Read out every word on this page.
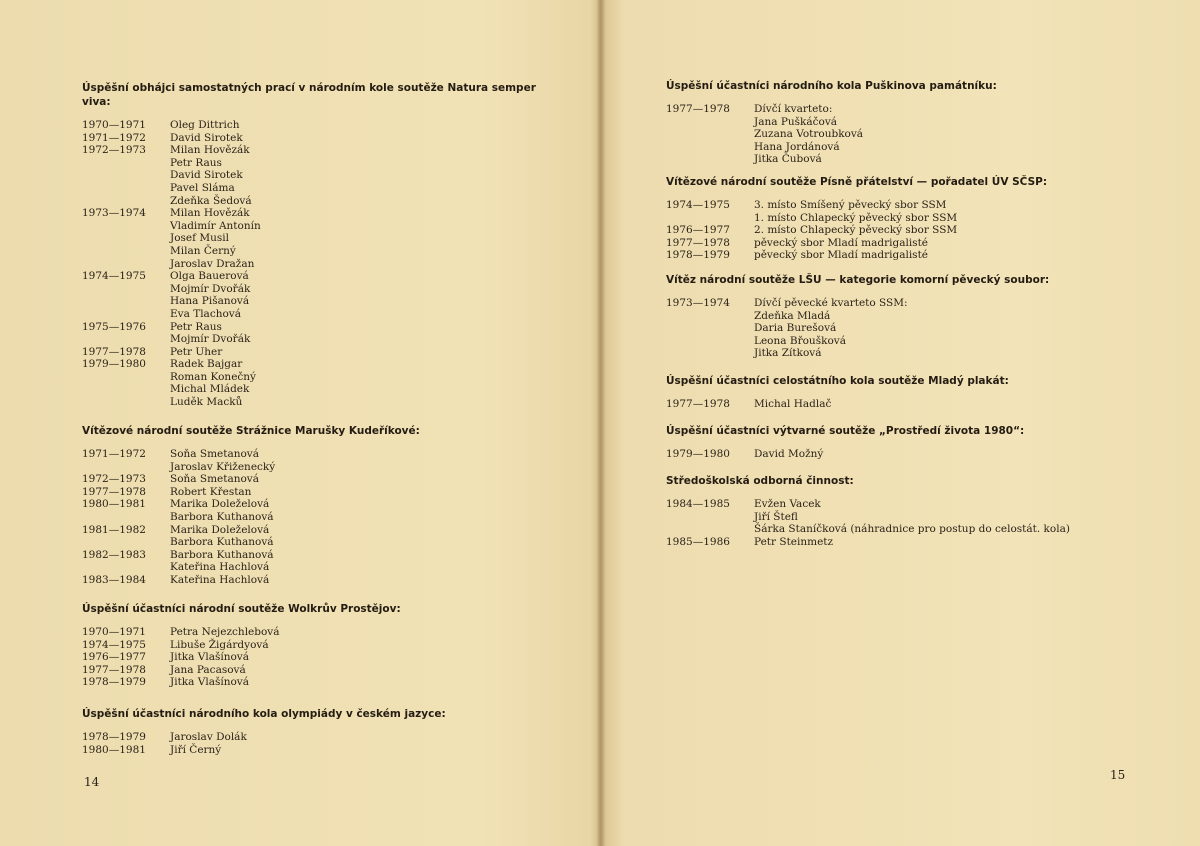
Úspěšní obhájci samostatných prací v národním kole soutěže Natura semper viva:
1970—1971	Oleg Dittrich
1971—1972	David Sirotek
1972—1973	Milan Hovězák
Petr Raus
David Sirotek
Pavel Sláma
Zdeňka Šedová
1973—1974	Milan Hovězák
Vladimír Antonín
Josef Musil
Milan Černý
Jaroslav Dražan
1974—1975	Olga Bauerová
Mojmír Dvořák
Hana Pišanová
Eva Tlachová
1975—1976	Petr Raus
Mojmír Dvořák
1977—1978	Petr Uher
1979—1980	Radek Bajgar
Roman Konečný
Michal Mládek
Luděk Macků
Vítězové národní soutěže Strážnice Marušky Kudeříkové:
1971—1972	Soňa Smetanová
Jaroslav Křiženecký
1972—1973	Soňa Smetanová
1977—1978	Robert Křestan
1980—1981	Marika Doleželová
Barbora Kuthanová
1981—1982	Marika Doleželová
Barbora Kuthanová
1982—1983	Barbora Kuthanová
Kateřina Hachlová
1983—1984	Kateřina Hachlová
Úspěšní účastníci národní soutěže Wolkrův Prostějov:
1970—1971	Petra Nejezchlebová
1974—1975	Libuše Žigárdyová
1976—1977	Jitka Vlašínová
1977—1978	Jana Pacasová
1978—1979	Jitka Vlašínová
Úspěšní účastníci národního kola olympiády v českém jazyce:
1978—1979	Jaroslav Dolák
1980—1981	Jiří Černý
14
Úspěšní účastníci národního kola Puškinova památníku:
1977—1978	Dívčí kvarteto:
Jana Puškáčová
Zuzana Votroubková
Hana Jordánová
Jitka Čubová
Vítězové národní soutěže Písně přátelství — pořadatel ÚV SČSP:
1974—1975	3. místo Smíšený pěvecký sbor SSM
1. místo Chlapecký pěvecký sbor SSM
1976—1977	2. místo Chlapecký pěvecký sbor SSM
1977—1978	pěvecký sbor Mladí madrigalisté
1978—1979	pěvecký sbor Mladí madrigalisté
Vítěz národní soutěže LŠU — kategorie komorní pěvecký soubor:
1973—1974	Dívčí pěvecké kvarteto SSM:
Zdeňka Mladá
Daria Burešová
Leona Břoušková
Jitka Zítková
Úspěšní účastníci celostátního kola soutěže Mladý plakát:
1977—1978	Michal Hadlač
Úspěšní účastníci výtvarné soutěže „Prostředí života 1980“:
1979—1980	David Možný
Středoškolská odborná činnost:
1984—1985	Evžen Vacek
Jiří Štefl
Šárka Staníčková (náhradnice pro postup do celostát. kola)
1985—1986	Petr Steinmetz
15
